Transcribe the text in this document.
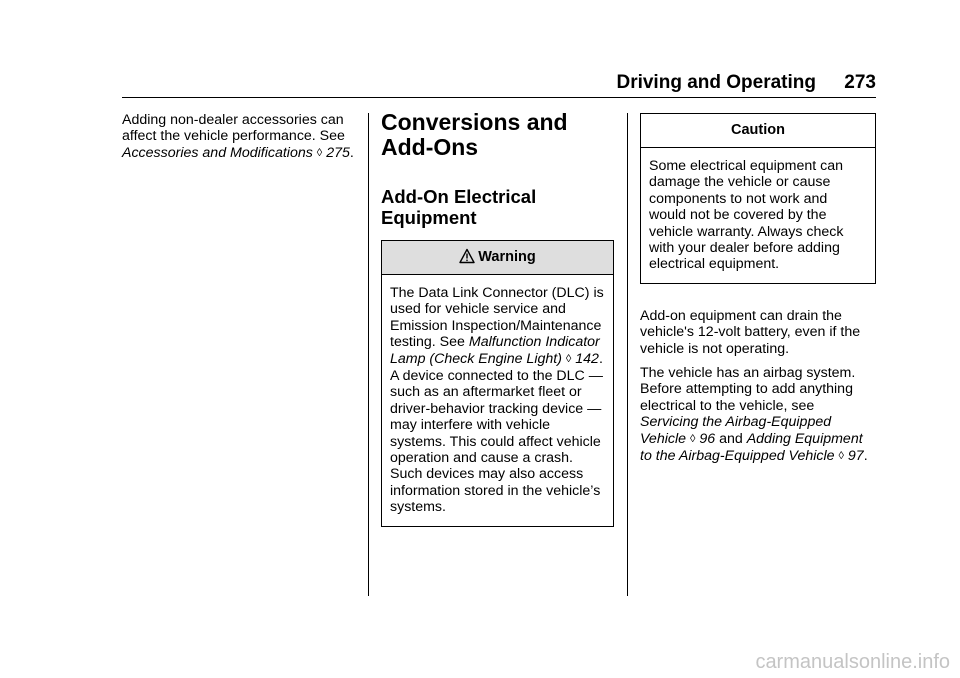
Driving and Operating 273

Adding non-dealer accessories can affect the vehicle performance. See Accessories and Modifications ◊ 275.

Conversions and Add-Ons
Add-On Electrical Equipment
Warning
The Data Link Connector (DLC) is used for vehicle service and Emission Inspection/Maintenance testing. See Malfunction Indicator Lamp (Check Engine Light) ◊ 142. A device connected to the DLC — such as an aftermarket fleet or driver-behavior tracking device — may interfere with vehicle systems. This could affect vehicle operation and cause a crash. Such devices may also access information stored in the vehicle’s systems.
Caution
Some electrical equipment can damage the vehicle or cause components to not work and would not be covered by the vehicle warranty. Always check with your dealer before adding electrical equipment.

Add-on equipment can drain the vehicle's 12-volt battery, even if the vehicle is not operating.

The vehicle has an airbag system. Before attempting to add anything electrical to the vehicle, see Servicing the Airbag-Equipped Vehicle ◊ 96 and Adding Equipment to the Airbag-Equipped Vehicle ◊ 97.

carmanualsonline.info
